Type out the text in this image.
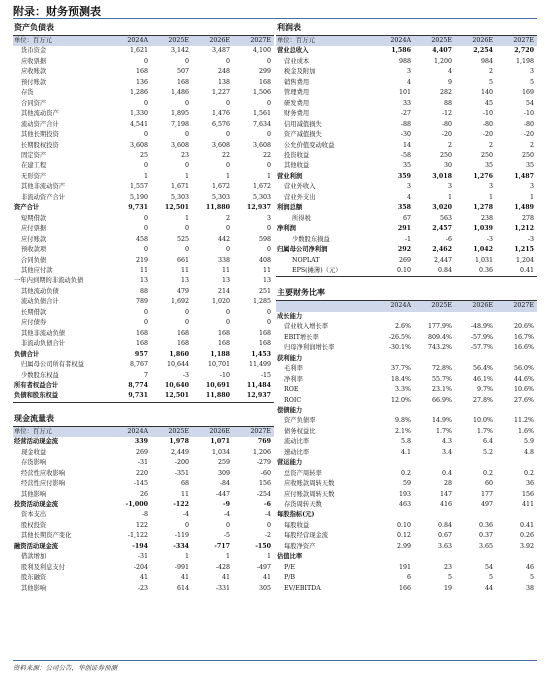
附录：财务预测表
资产负债表
单位：百万元	2024A	2025E	2026E	2027E
货币资金	1,621	3,142	3,487	4,100
应收票据	0	0	0	0
应收账款	168	507	248	299
预付账款	136	168	138	168
存货	1,286	1,486	1,227	1,506
合同资产	0	0	0	0
其他流动资产	1,330	1,895	1,476	1,561
流动资产合计	4,541	7,198	6,576	7,634
其他长期投资	0	0	0	0
长期股权投资	3,608	3,608	3,608	3,608
固定资产	25	23	22	22
在建工程	0	0	0	0
无形资产	1	1	1	1
其他非流动资产	1,557	1,671	1,672	1,672
非流动资产合计	5,190	5,303	5,303	5,303
资产合计	9,731	12,501	11,880	12,937
短期借款	0	1	2	3
应付票据	0	0	0	0
应付账款	458	525	442	598
预收款项	0	0	0	0
合同负债	219	661	338	408
其他应付款	11	11	11	11
一年内到期的非流动负债	13	13	13	13
其他流动负债	88	479	214	251
流动负债合计	789	1,692	1,020	1,285
长期借款	0	0	0	0
应付债券	0	0	0	0
其他非流动负债	168	168	168	168
非流动负债合计	168	168	168	168
负债合计	957	1,860	1,188	1,453
归属母公司所有者权益	8,767	10,644	10,701	11,499
少数股东权益	7	-3	-10	-15
所有者权益合计	8,774	10,640	10,691	11,484
负债和股东权益	9,731	12,501	11,880	12,937
现金流量表
单位：百万元	2024A	2025E	2026E	2027E
经营活动现金流	339	1,978	1,071	769
现金收益	269	2,449	1,034	1,206
存货影响	-31	-200	259	-279
经营性应收影响	220	-351	309	-60
经营性应付影响	-145	68	-84	156
其他影响	26	11	-447	-254
投资活动现金流	-1,000	-122	-9	-6
资本支出	-8	-4	-4	-4
股权投资	122	0	0	0
其他长期资产变化	-1,122	-119	-5	-2
融资活动现金流	-194	-334	-717	-150
借款增加	-31	1	1	1
股利及利息支付	-204	-991	-428	-497
股东融资	41	41	41	41
其他影响	-23	614	-331	305
利润表
单位：百万元	2024A	2025E	2026E	2027E
营业总收入	1,586	4,407	2,254	2,720
营业成本	988	1,200	984	1,198
税金及附加	3	4	2	3
销售费用	4	9	5	5
管理费用	101	282	140	169
研发费用	33	88	45	54
财务费用	-27	-12	-10	-10
信用减值损失	-88	-80	-80	-80
资产减值损失	-30	-20	-20	-20
公允价值变动收益	14	2	2	2
投资收益	-58	250	250	250
其他收益	35	30	35	35
营业利润	359	3,018	1,276	1,487
营业外收入	3	3	3	3
营业外支出	4	1	1	1
利润总额	358	3,020	1,278	1,489
所得税	67	563	238	278
净利润	291	2,457	1,039	1,212
少数股东损益	-1	-6	-3	-3
归属母公司净利润	292	2,462	1,042	1,215
NOPLAT	269	2,447	1,031	1,204
EPS(摊薄)（元）	0.10	0.84	0.36	0.41
主要财务比率
	2024A	2025E	2026E	2027E
成长能力				
营业收入增长率	2.6%	177.9%	-48.9%	20.6%
EBIT增长率	-26.5%	809.4%	-57.9%	16.7%
归母净利润增长率	-30.1%	743.2%	-57.7%	16.6%
获利能力				
毛利率	37.7%	72.8%	56.4%	56.0%
净利率	18.4%	55.7%	46.1%	44.6%
ROE	3.3%	23.1%	9.7%	10.6%
ROIC	12.0%	66.9%	27.8%	27.6%
偿债能力				
资产负债率	9.8%	14.9%	10.0%	11.2%
债务权益比	2.1%	1.7%	1.7%	1.6%
流动比率	5.8	4.3	6.4	5.9
速动比率	4.1	3.4	5.2	4.8
营运能力				
总资产周转率	0.2	0.4	0.2	0.2
应收账款周转天数	59	28	60	36
应付账款周转天数	193	147	177	156
存货周转天数	463	416	497	411
每股指标(元)				
每股收益	0.10	0.84	0.36	0.41
每股经营现金流	0.12	0.67	0.37	0.26
每股净资产	2.99	3.63	3.65	3.92
估值比率				
P/E	191	23	54	46
P/B	6	5	5	5
EV/EBITDA	166	19	44	38
资料来源：公司公告，华创证券预测
